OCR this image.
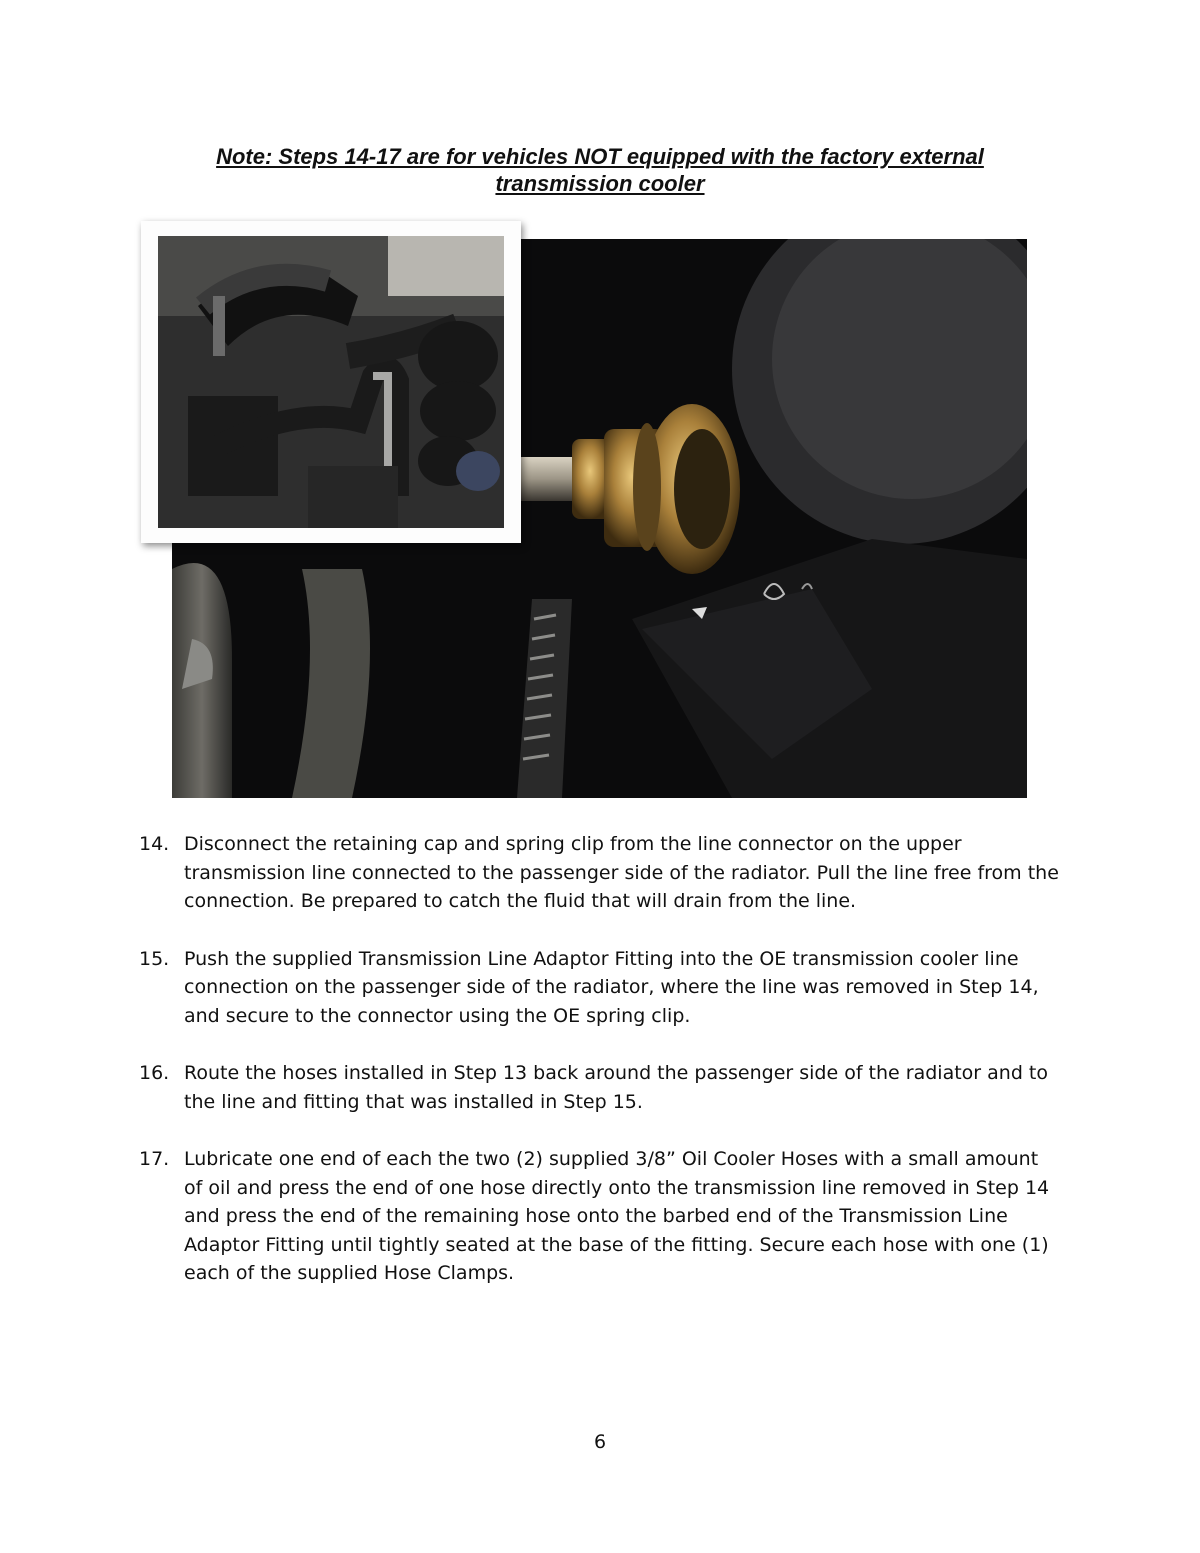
Note: Steps 14-17 are for vehicles NOT equipped with the factory external
transmission cooler
14. Disconnect the retaining cap and spring clip from the line connector on the upper transmission line connected to the passenger side of the radiator. Pull the line free from the connection. Be prepared to catch the fluid that will drain from the line.
15. Push the supplied Transmission Line Adaptor Fitting into the OE transmission cooler line connection on the passenger side of the radiator, where the line was removed in Step 14, and secure to the connector using the OE spring clip.
16. Route the hoses installed in Step 13 back around the passenger side of the radiator and to the line and fitting that was installed in Step 15.
17. Lubricate one end of each the two (2) supplied 3/8” Oil Cooler Hoses with a small amount of oil and press the end of one hose directly onto the transmission line removed in Step 14 and press the end of the remaining hose onto the barbed end of the Transmission Line Adaptor Fitting until tightly seated at the base of the fitting. Secure each hose with one (1) each of the supplied Hose Clamps.
6
